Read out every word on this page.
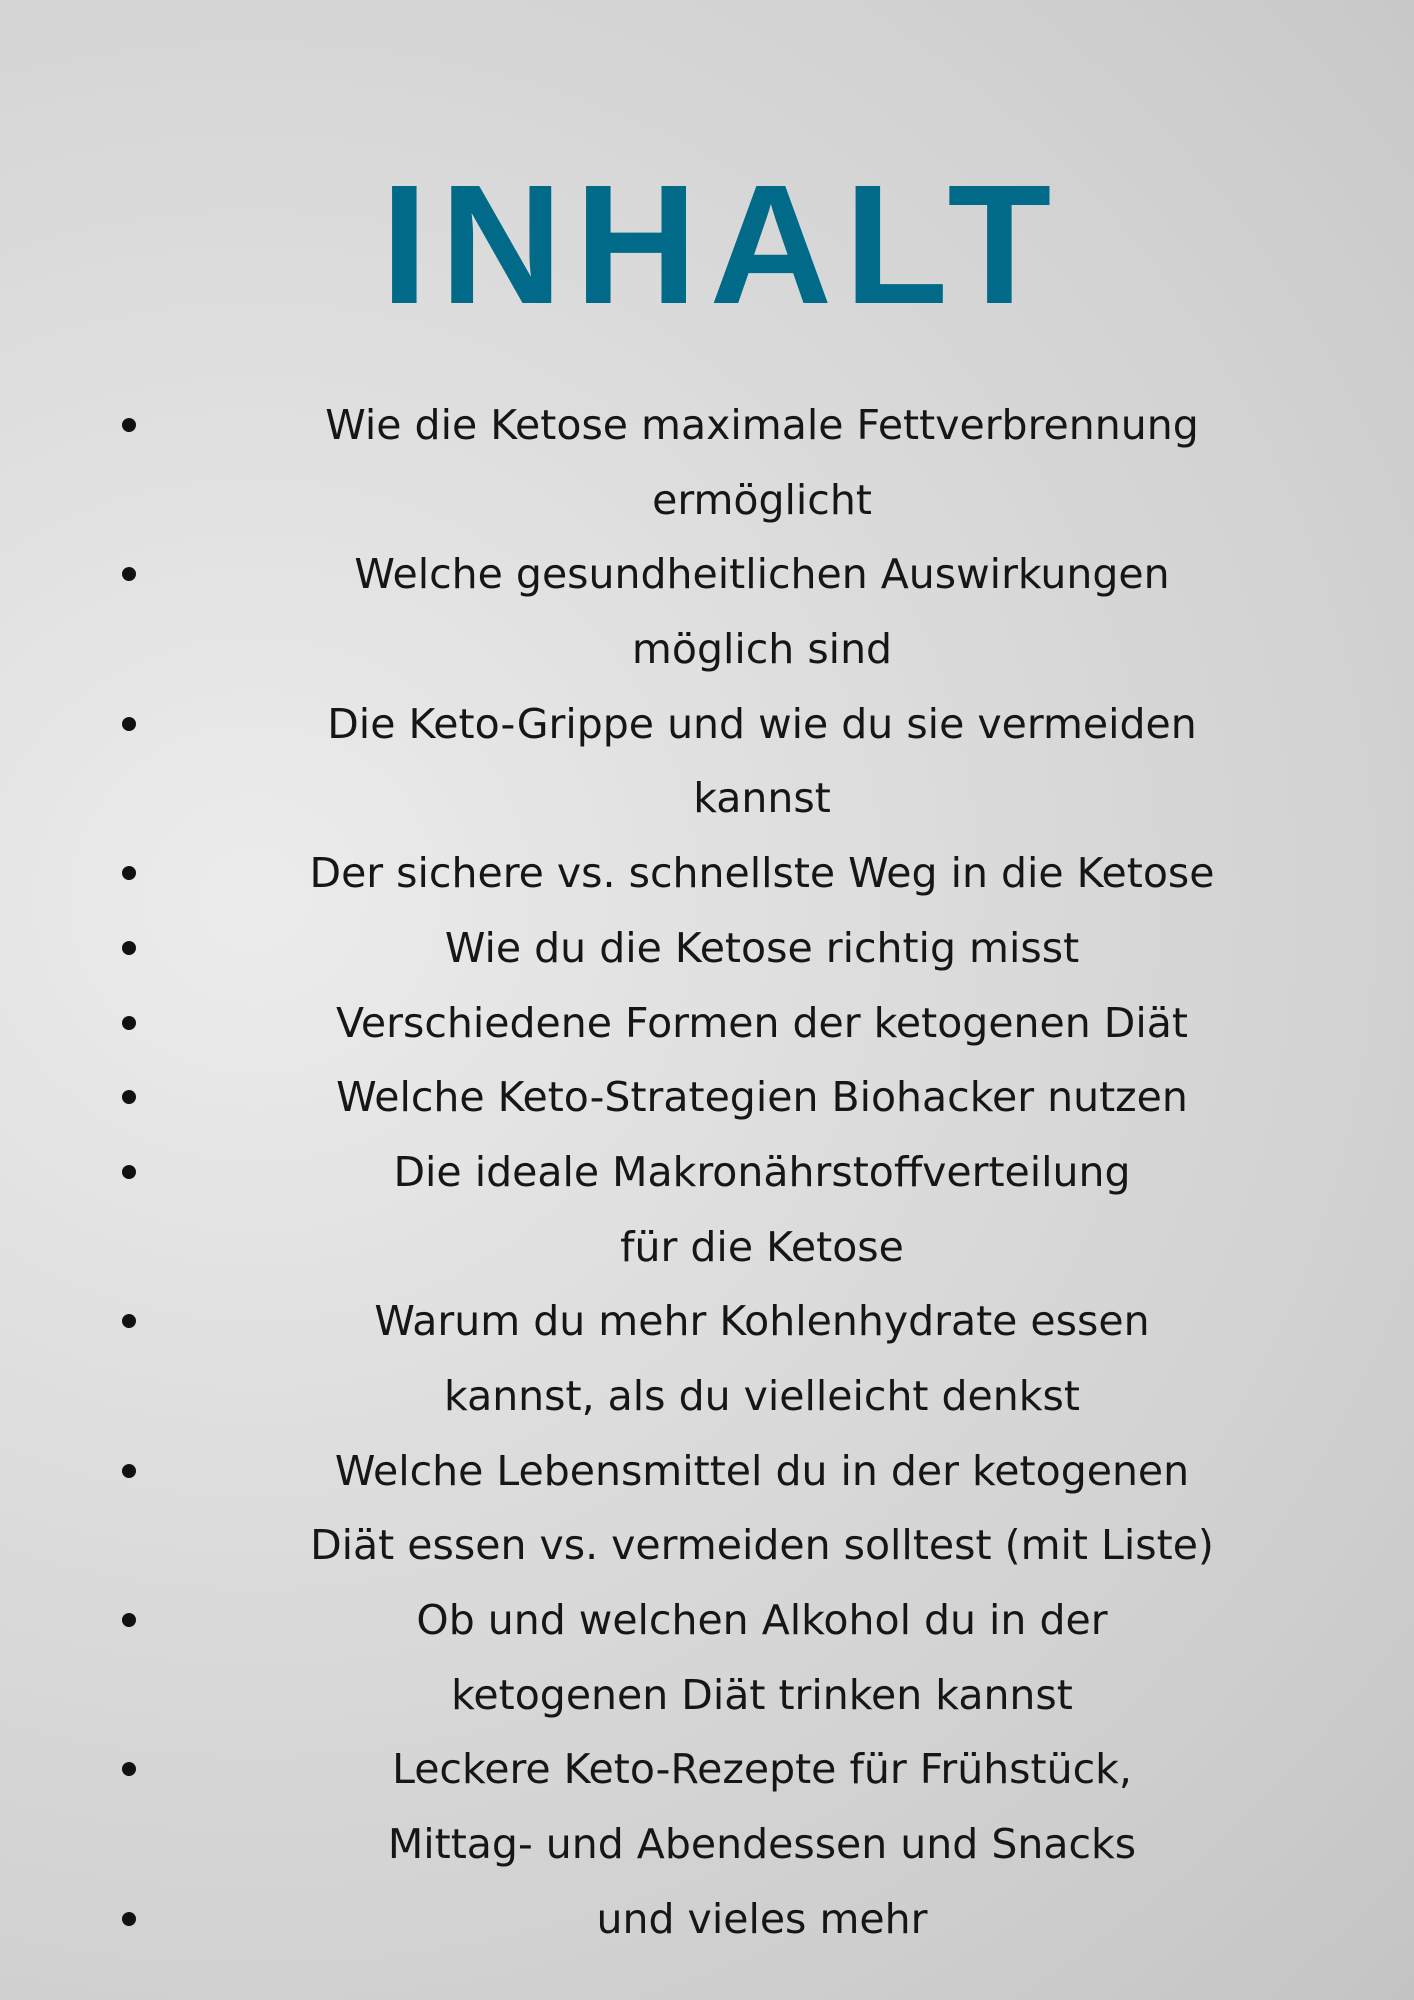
INHALT
Wie die Ketose maximale Fettverbrennung
ermöglicht
Welche gesundheitlichen Auswirkungen
möglich sind
Die Keto-Grippe und wie du sie vermeiden
kannst
Der sichere vs. schnellste Weg in die Ketose
Wie du die Ketose richtig misst
Verschiedene Formen der ketogenen Diät
Welche Keto-Strategien Biohacker nutzen
Die ideale Makronährstoffverteilung
für die Ketose
Warum du mehr Kohlenhydrate essen
kannst, als du vielleicht denkst
Welche Lebensmittel du in der ketogenen
Diät essen vs. vermeiden solltest (mit Liste)
Ob und welchen Alkohol du in der
ketogenen Diät trinken kannst
Leckere Keto-Rezepte für Frühstück,
Mittag- und Abendessen und Snacks
und vieles mehr
